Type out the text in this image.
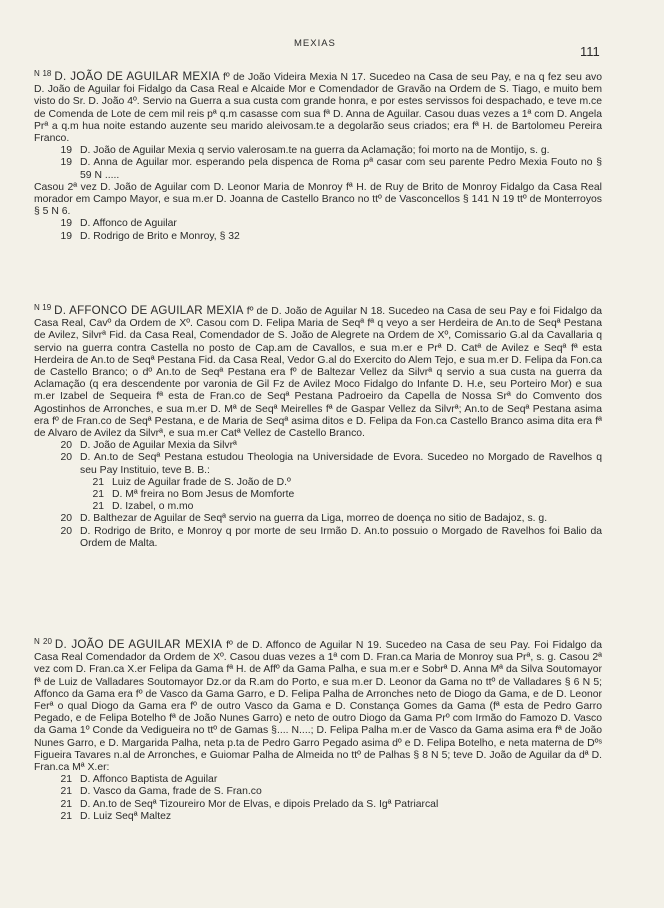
MEXIAS
111

$^{N 18}$ D. JOÃO DE AGUILAR MEXIA fº de João Videira Mexia N 17. Sucedeo na Casa de seu Pay, e na q fez seu avo D. João de Aguilar foi Fidalgo da Casa Real e Alcaide Mor e Comendador de Gravão na Ordem de S. Tiago, e muito bem visto do Sr. D. João 4º. Servio na Guerra a sua custa com grande honra, e por estes servissos foi despachado, e teve m.ce de Comenda de Lote de cem mil reis pª q.m casasse com sua fª D. Anna de Aguilar. Casou duas vezes a 1ª com D. Angela Prª a q.m hua noite estando auzente seu marido aleivosam.te a degolarão seus criados; era fª H. de Bartolomeu Pereira Franco.

19 D. João de Aguilar Mexia q servio valerosam.te na guerra da Aclamação; foi morto na de Montijo, s. g.
19 D. Anna de Aguilar mor. esperando pela dispenca de Roma pª casar com seu parente Pedro Mexia Fouto no § 59 N .....

Casou 2ª vez D. João de Aguilar com D. Leonor Maria de Monroy fª H. de Ruy de Brito de Monroy Fidalgo da Casa Real morador em Campo Mayor, e sua m.er D. Joanna de Castello Branco no ttº de Vasconcellos § 141 N 19 ttº de Monterroyos § 5 N 6.

19 D. Affonco de Aguilar
19 D. Rodrigo de Brito e Monroy, § 32

$^{N 19}$ D. AFFONCO DE AGUILAR MEXIA fº de D. João de Aguilar N 18. Sucedeo na Casa de seu Pay e foi Fidalgo da Casa Real, Cavº da Ordem de Xº. Casou com D. Felipa Maria de Seqª fª q veyo a ser Herdeira de An.to de Seqª Pestana de Avilez, Silvrª Fid. da Casa Real, Comendador de S. João de Alegrete na Ordem de Xº, Comissario G.al da Cavallaria q servio na guerra contra Castella no posto de Cap.am de Cavallos, e sua m.er e Prª D. Catª de Avilez e Seqª fª esta Herdeira de An.to de Seqª Pestana Fid. da Casa Real, Vedor G.al do Exercito do Alem Tejo, e sua m.er D. Felipa da Fon.ca de Castello Branco; o dº An.to de Seqª Pestana era fº de Baltezar Vellez da Silvrª q servio a sua custa na guerra da Aclamação (q era descendente por varonia de Gil Fz de Avilez Moco Fidalgo do Infante D. H.e, seu Porteiro Mor) e sua m.er Izabel de Sequeira fª esta de Fran.co de Seqª Pestana Padroeiro da Capella de Nossa Srª do Comvento dos Agostinhos de Arronches, e sua m.er D. Mª de Seqª Meirelles fª de Gaspar Vellez da Silvrª; An.to de Seqª Pestana asima era fº de Fran.co de Seqª Pestana, e de Maria de Seqª asima ditos e D. Felipa da Fon.ca Castello Branco asima dita era fª de Alvaro de Avilez da Silvrª, e sua m.er Catª Vellez de Castello Branco.

20 D. João de Aguilar Mexia da Silvrª
20 D. An.to de Seqª Pestana estudou Theologia na Universidade de Evora. Sucedeo no Morgado de Ravelhos q seu Pay Instituio, teve B. B.:
21 Luiz de Aguilar frade de S. João de D.º
21 D. Mª freira no Bom Jesus de Momforte
21 D. Izabel, o m.mo
20 D. Balthezar de Aguilar de Seqª servio na guerra da Liga, morreo de doença no sitio de Badajoz, s. g.
20 D. Rodrigo de Brito, e Monroy q por morte de seu Irmão D. An.to possuio o Morgado de Ravelhos foi Balio da Ordem de Malta.

$^{N 20}$ D. JOÃO DE AGUILAR MEXIA fº de D. Affonco de Aguilar N 19. Sucedeo na Casa de seu Pay. Foi Fidalgo da Casa Real Comendador da Ordem de Xº. Casou duas vezes a 1ª com D. Fran.ca Maria de Monroy sua Prª, s. g. Casou 2ª vez com D. Fran.ca X.er Felipa da Gama fª H. de Affº da Gama Palha, e sua m.er e Sobrª D. Anna Mª da Silva Soutomayor fª de Luiz de Valladares Soutomayor Dz.or da R.am do Porto, e sua m.er D. Leonor da Gama no ttº de Valladares § 6 N 5; Affonco da Gama era fº de Vasco da Gama Garro, e D. Felipa Palha de Arronches neto de Diogo da Gama, e de D. Leonor Ferª o qual Diogo da Gama era fº de outro Vasco da Gama e D. Constança Gomes da Gama (fª esta de Pedro Garro Pegado, e de Felipa Botelho fª de João Nunes Garro) e neto de outro Diogo da Gama Prº com Irmão do Famozo D. Vasco da Gama 1º Conde da Vedigueira no ttº de Gamas §.... N....; D. Felipa Palha m.er de Vasco da Gama asima era fª de João Nunes Garro, e D. Margarida Palha, neta p.ta de Pedro Garro Pegado asima dº e D. Felipa Botelho, e neta materna de Dºˢ Figueira Tavares n.al de Arronches, e Guiomar Palha de Almeida no ttº de Palhas § 8 N 5; teve D. João de Aguilar da dª D. Fran.ca Mª X.er:

21 D. Affonco Baptista de Aguilar
21 D. Vasco da Gama, frade de S. Fran.co
21 D. An.to de Seqª Tizoureiro Mor de Elvas, e dipois Prelado da S. Igª Patriarcal
21 D. Luiz Seqª Maltez
